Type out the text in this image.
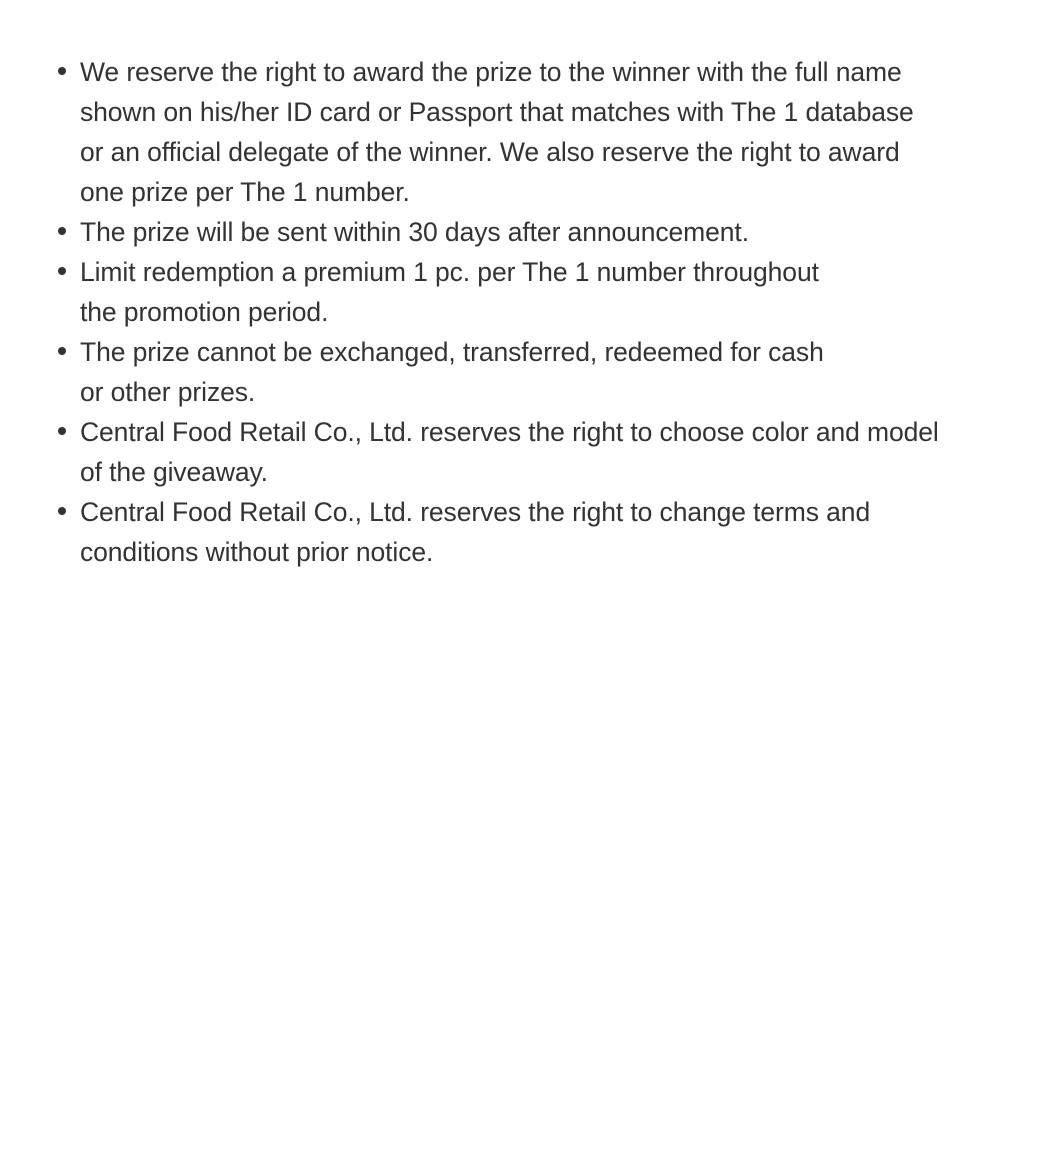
We reserve the right to award the prize to the winner with the full name
shown on his/her ID card or Passport that matches with The 1 database
or an official delegate of the winner. We also reserve the right to award
one prize per The 1 number.
The prize will be sent within 30 days after announcement.
Limit redemption a premium 1 pc. per The 1 number throughout
the promotion period.
The prize cannot be exchanged, transferred, redeemed for cash
or other prizes.
Central Food Retail Co., Ltd. reserves the right to choose color and model
of the giveaway.
Central Food Retail Co., Ltd. reserves the right to change terms and
conditions without prior notice.
